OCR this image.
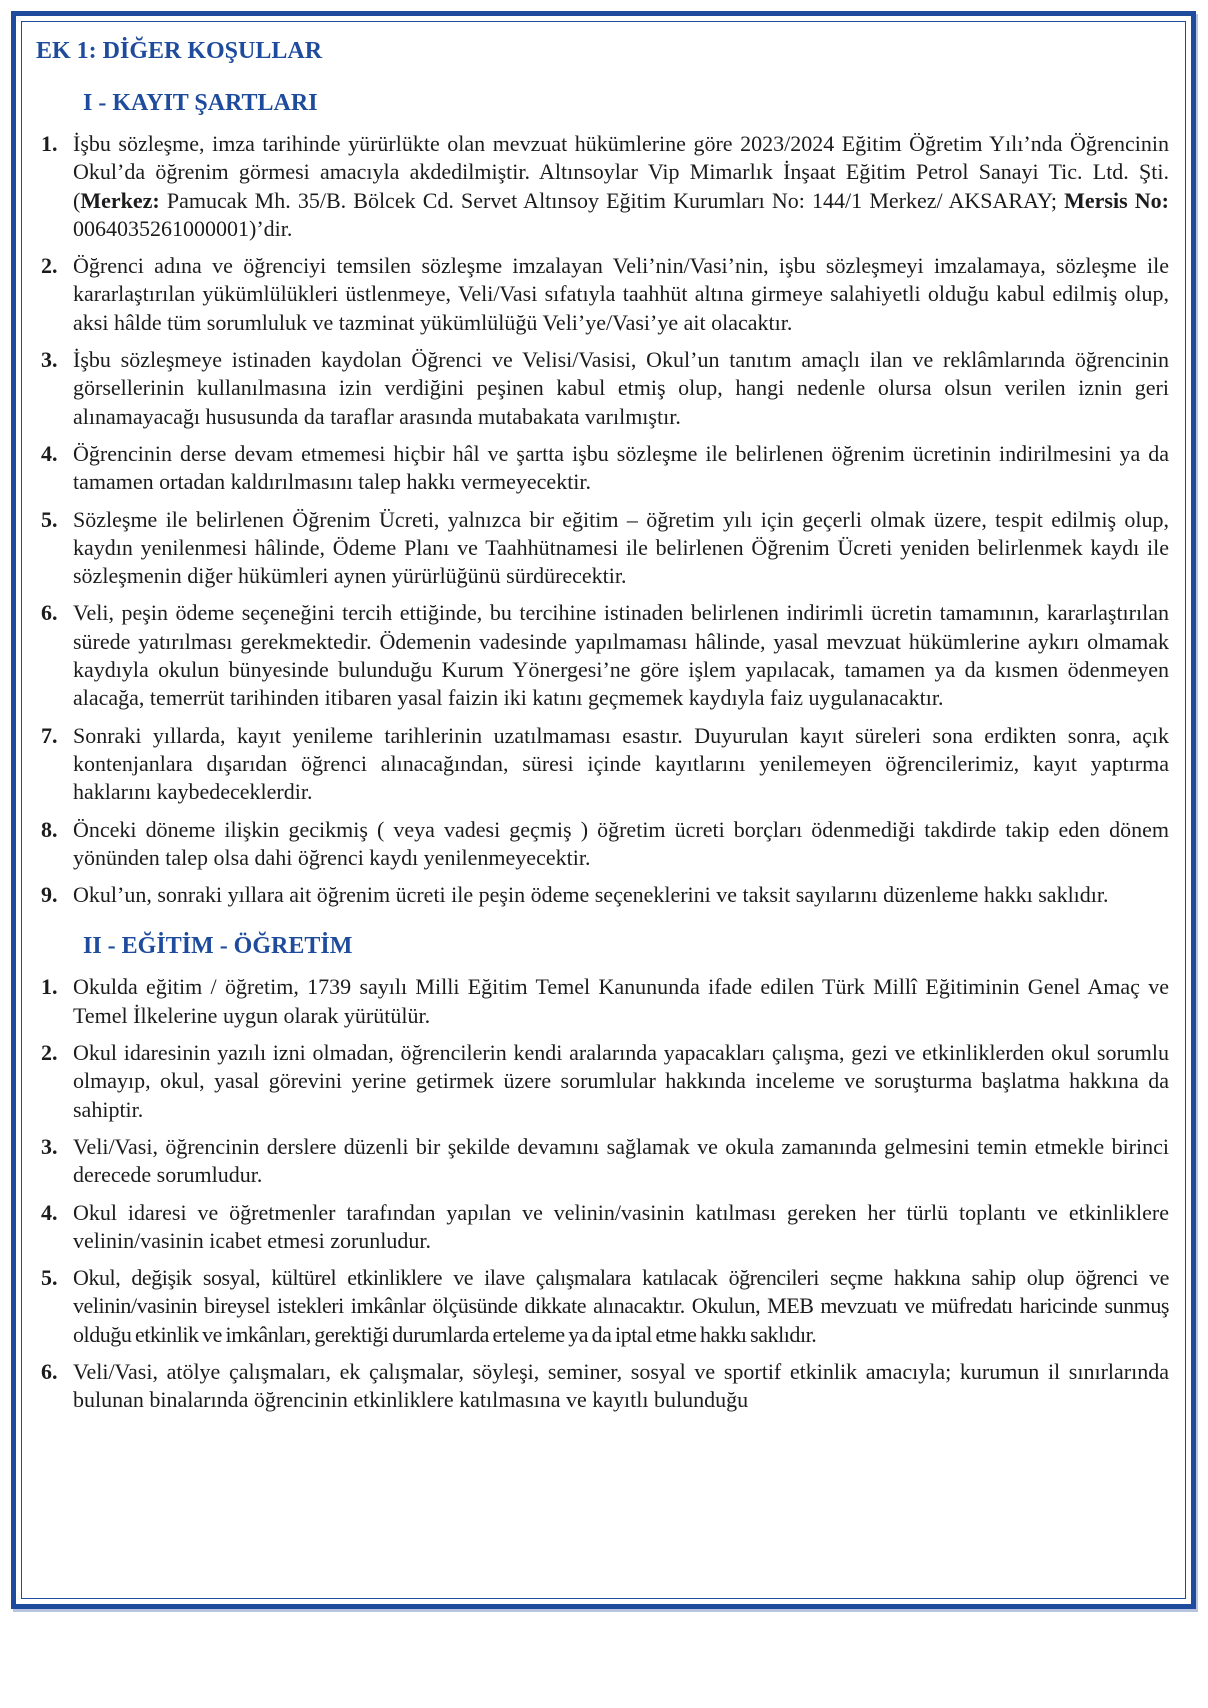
EK 1: DİĞER KOŞULLAR
I - KAYIT ŞARTLARI
1. İşbu sözleşme, imza tarihinde yürürlükte olan mevzuat hükümlerine göre 2023/2024 Eğitim Öğretim Yılı’nda Öğrencinin Okul’da öğrenim görmesi amacıyla akdedilmiştir. Altınsoylar Vip Mimarlık İnşaat Eğitim Petrol Sanayi Tic. Ltd. Şti. (Merkez: Pamucak Mh. 35/B. Bölcek Cd. Servet Altınsoy Eğitim Kurumları No: 144/1 Merkez/ AKSARAY; Mersis No: 0064035261000001)’dir.
2. Öğrenci adına ve öğrenciyi temsilen sözleşme imzalayan Veli’nin/Vasi’nin, işbu sözleşmeyi imzalamaya, sözleşme ile kararlaştırılan yükümlülükleri üstlenmeye, Veli/Vasi sıfatıyla taahhüt altına girmeye salahiyetli olduğu kabul edilmiş olup, aksi hâlde tüm sorumluluk ve tazminat yükümlülüğü Veli’ye/Vasi’ye ait olacaktır.
3. İşbu sözleşmeye istinaden kaydolan Öğrenci ve Velisi/Vasisi, Okul’un tanıtım amaçlı ilan ve reklâmlarında öğrencinin görsellerinin kullanılmasına izin verdiğini peşinen kabul etmiş olup, hangi nedenle olursa olsun verilen iznin geri alınamayacağı hususunda da taraflar arasında mutabakata varılmıştır.
4. Öğrencinin derse devam etmemesi hiçbir hâl ve şartta işbu sözleşme ile belirlenen öğrenim ücretinin indirilmesini ya da tamamen ortadan kaldırılmasını talep hakkı vermeyecektir.
5. Sözleşme ile belirlenen Öğrenim Ücreti, yalnızca bir eğitim – öğretim yılı için geçerli olmak üzere, tespit edilmiş olup, kaydın yenilenmesi hâlinde, Ödeme Planı ve Taahhütnamesi ile belirlenen Öğrenim Ücreti yeniden belirlenmek kaydı ile sözleşmenin diğer hükümleri aynen yürürlüğünü sürdürecektir.
6. Veli, peşin ödeme seçeneğini tercih ettiğinde, bu tercihine istinaden belirlenen indirimli ücretin tamamının, kararlaştırılan sürede yatırılması gerekmektedir. Ödemenin vadesinde yapılmaması hâlinde, yasal mevzuat hükümlerine aykırı olmamak kaydıyla okulun bünyesinde bulunduğu Kurum Yönergesi’ne göre işlem yapılacak, tamamen ya da kısmen ödenmeyen alacağa, temerrüt tarihinden itibaren yasal faizin iki katını geçmemek kaydıyla faiz uygulanacaktır.
7. Sonraki yıllarda, kayıt yenileme tarihlerinin uzatılmaması esastır. Duyurulan kayıt süreleri sona erdikten sonra, açık kontenjanlara dışarıdan öğrenci alınacağından, süresi içinde kayıtlarını yenilemeyen öğrencilerimiz, kayıt yaptırma haklarını kaybedeceklerdir.
8. Önceki döneme ilişkin gecikmiş ( veya vadesi geçmiş ) öğretim ücreti borçları ödenmediği takdirde takip eden dönem yönünden talep olsa dahi öğrenci kaydı yenilenmeyecektir.
9. Okul’un, sonraki yıllara ait öğrenim ücreti ile peşin ödeme seçeneklerini ve taksit sayılarını düzenleme hakkı saklıdır.
II - EĞİTİM - ÖĞRETİM
1. Okulda eğitim / öğretim, 1739 sayılı Milli Eğitim Temel Kanununda ifade edilen Türk Millî Eğitiminin Genel Amaç ve Temel İlkelerine uygun olarak yürütülür.
2. Okul idaresinin yazılı izni olmadan, öğrencilerin kendi aralarında yapacakları çalışma, gezi ve etkinliklerden okul sorumlu olmayıp, okul, yasal görevini yerine getirmek üzere sorumlular hakkında inceleme ve soruşturma başlatma hakkına da sahiptir.
3. Veli/Vasi, öğrencinin derslere düzenli bir şekilde devamını sağlamak ve okula zamanında gelmesini temin etmekle birinci derecede sorumludur.
4. Okul idaresi ve öğretmenler tarafından yapılan ve velinin/vasinin katılması gereken her türlü toplantı ve etkinliklere velinin/vasinin icabet etmesi zorunludur.
5. Okul, değişik sosyal, kültürel etkinliklere ve ilave çalışmalara katılacak öğrencileri seçme hakkına sahip olup öğrenci ve velinin/vasinin bireysel istekleri imkânlar ölçüsünde dikkate alınacaktır. Okulun, MEB mevzuatı ve müfredatı haricinde sunmuş olduğu etkinlik ve imkânları, gerektiği durumlarda erteleme ya da iptal etme hakkı saklıdır.
6. Veli/Vasi, atölye çalışmaları, ek çalışmalar, söyleşi, seminer, sosyal ve sportif etkinlik amacıyla; kurumun il sınırlarında bulunan binalarında öğrencinin etkinliklere katılmasına ve kayıtlı bulunduğu
